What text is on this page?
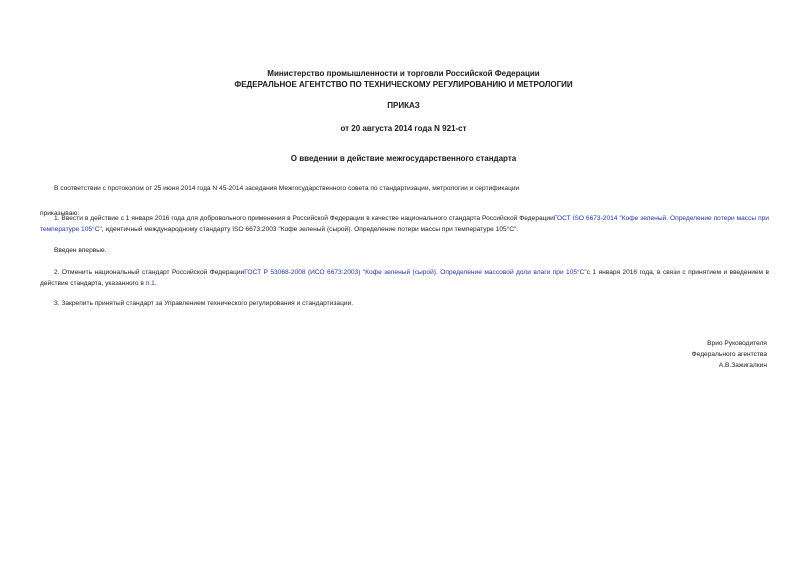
Министерство промышленности и торговли Российской Федерации
ФЕДЕРАЛЬНОЕ АГЕНТСТВО ПО ТЕХНИЧЕСКОМУ РЕГУЛИРОВАНИЮ И МЕТРОЛОГИИ
ПРИКАЗ
от 20 августа 2014 года N 921-ст
О введении в действие межгосударственного стандарта
В соответствии с протоколом от 25 июня 2014 года N 45-2014 заседания Межгосударственного совета по стандартизации, метрологии и сертификации
приказываю:
1. Ввести в действие с 1 января 2016 года для добровольного применения в Российской Федерации в качестве национального стандарта Российской ФедерацииГОСТ ISO 6673-2014 "Кофе зеленый. Определение потери массы при температуре 105°С", идентичный международному стандарту ISO 6673:2003 "Кофе зеленый (сырой). Определение потери массы при температуре 105°С".
Введен впервые.
2. Отменить национальный стандарт Российской ФедерацииГОСТ Р 53068-2008 (ИСО 6673:2003) "Кофе зеленый (сырой). Определение массовой доли влаги при 105°С"с 1 января 2016 года, в связи с принятием и введением в действие стандарта, указанного в п.1.
3. Закрепить принятый стандарт за Управлением технического регулирования и стандартизации.
Врио Руководителя
Федерального агентства
А.В.Зажигалкин
